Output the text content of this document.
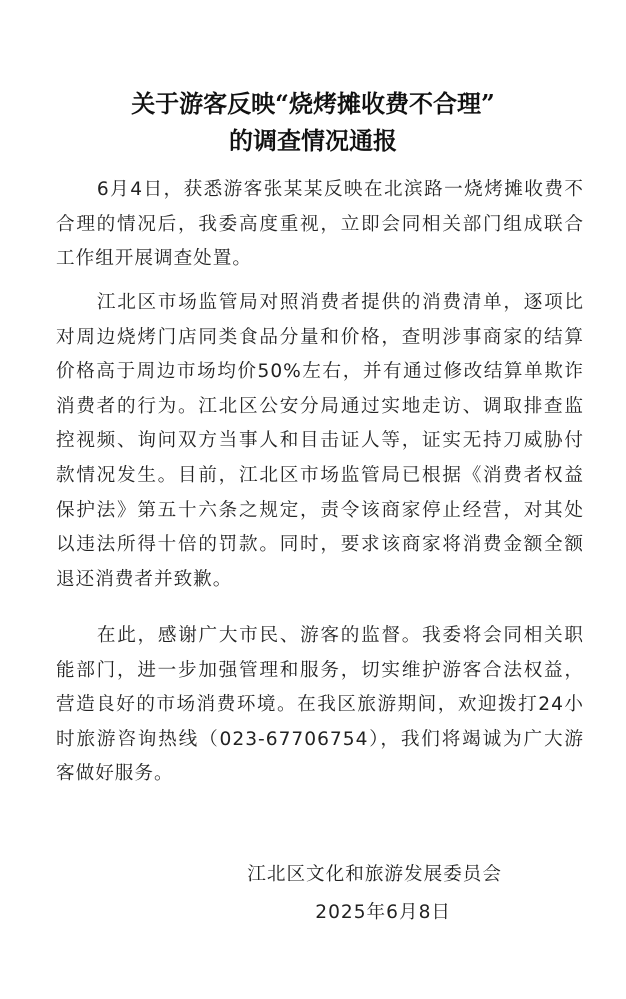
关于游客反映“烧烤摊收费不合理”
的调查情况通报
6月4日，获悉游客张某某反映在北滨路一烧烤摊收费不合理的情况后，我委高度重视，立即会同相关部门组成联合工作组开展调查处置。
江北区市场监管局对照消费者提供的消费清单，逐项比对周边烧烤门店同类食品分量和价格，查明涉事商家的结算价格高于周边市场均价50%左右，并有通过修改结算单欺诈消费者的行为。江北区公安分局通过实地走访、调取排查监控视频、询问双方当事人和目击证人等，证实无持刀威胁付款情况发生。目前，江北区市场监管局已根据《消费者权益保护法》第五十六条之规定，责令该商家停止经营，对其处以违法所得十倍的罚款。同时，要求该商家将消费金额全额退还消费者并致歉。
在此，感谢广大市民、游客的监督。我委将会同相关职能部门，进一步加强管理和服务，切实维护游客合法权益，营造良好的市场消费环境。在我区旅游期间，欢迎拨打24小时旅游咨询热线（023-67706754），我们将竭诚为广大游客做好服务。
江北区文化和旅游发展委员会
2025年6月8日
